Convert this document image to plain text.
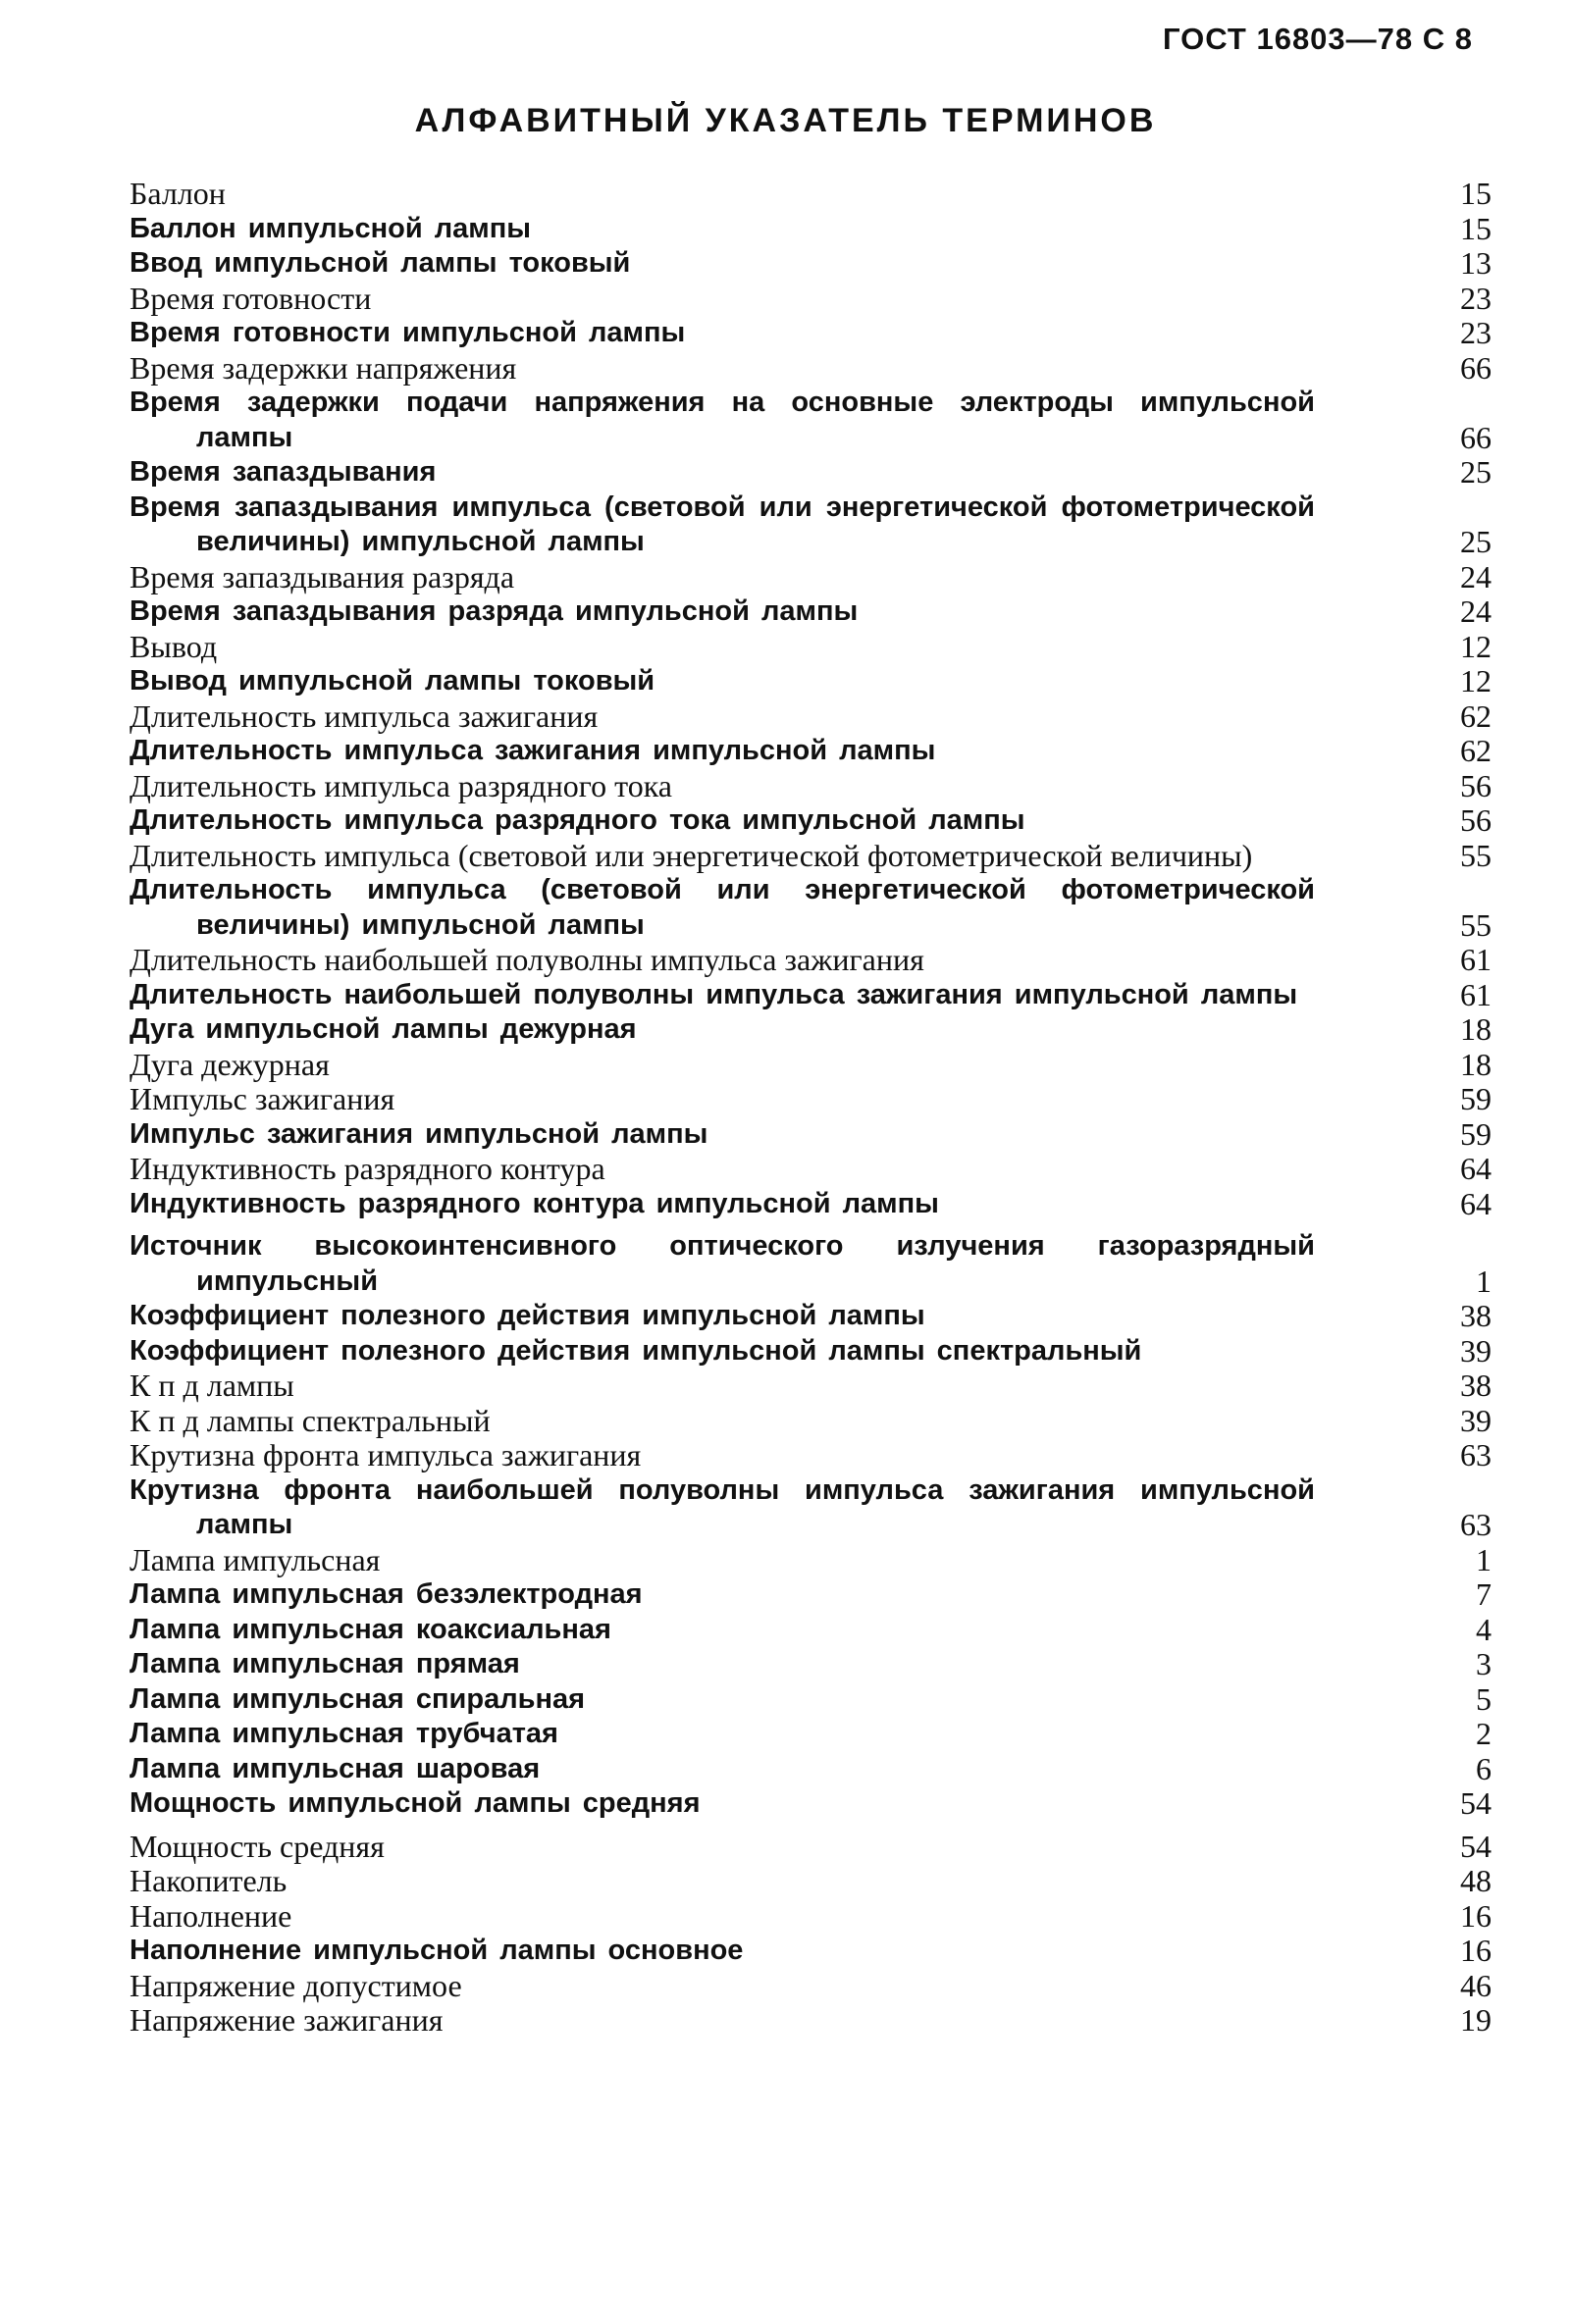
ГОСТ 16803—78 С 8
АЛФАВИТНЫЙ УКАЗАТЕЛЬ ТЕРМИНОВ
Баллон	15
Баллон импульсной лампы	15
Ввод импульсной лампы токовый	13
Время готовности	23
Время готовности импульсной лампы	23
Время задержки напряжения	66
Время задержки подачи напряжения на основные электроды импульсной лампы	66
Время запаздывания	25
Время запаздывания импульса (световой или энергетической фотометрической величины) импульсной лампы	25
Время запаздывания разряда	24
Время запаздывания разряда импульсной лампы	24
Вывод	12
Вывод импульсной лампы токовый	12
Длительность импульса зажигания	62
Длительность импульса зажигания импульсной лампы	62
Длительность импульса разрядного тока	56
Длительность импульса разрядного тока импульсной лампы	56
Длительность импульса (световой или энергетической фотометрической величины)	55
Длительность импульса (световой или энергетической фотометрической величины) импульсной лампы	55
Длительность наибольшей полуволны импульса зажигания	61
Длительность наибольшей полуволны импульса зажигания импульсной лампы	61
Дуга импульсной лампы дежурная	18
Дуга дежурная	18
Импульс зажигания	59
Импульс зажигания импульсной лампы	59
Индуктивность разрядного контура	64
Индуктивность разрядного контура импульсной лампы	64
Источник высокоинтенсивного оптического излучения газоразрядный импульсный	1
Коэффициент полезного действия импульсной лампы	38
Коэффициент полезного действия импульсной лампы спектральный	39
К п д лампы	38
К п д лампы спектральный	39
Крутизна фронта импульса зажигания	63
Крутизна фронта наибольшей полуволны импульса зажигания импульсной лампы	63
Лампа импульсная	1
Лампа импульсная безэлектродная	7
Лампа импульсная коаксиальная	4
Лампа импульсная прямая	3
Лампа импульсная спиральная	5
Лампа импульсная трубчатая	2
Лампа импульсная шаровая	6
Мощность импульсной лампы средняя	54
Мощность средняя	54
Накопитель	48
Наполнение	16
Наполнение импульсной лампы основное	16
Напряжение допустимое	46
Напряжение зажигания	19
